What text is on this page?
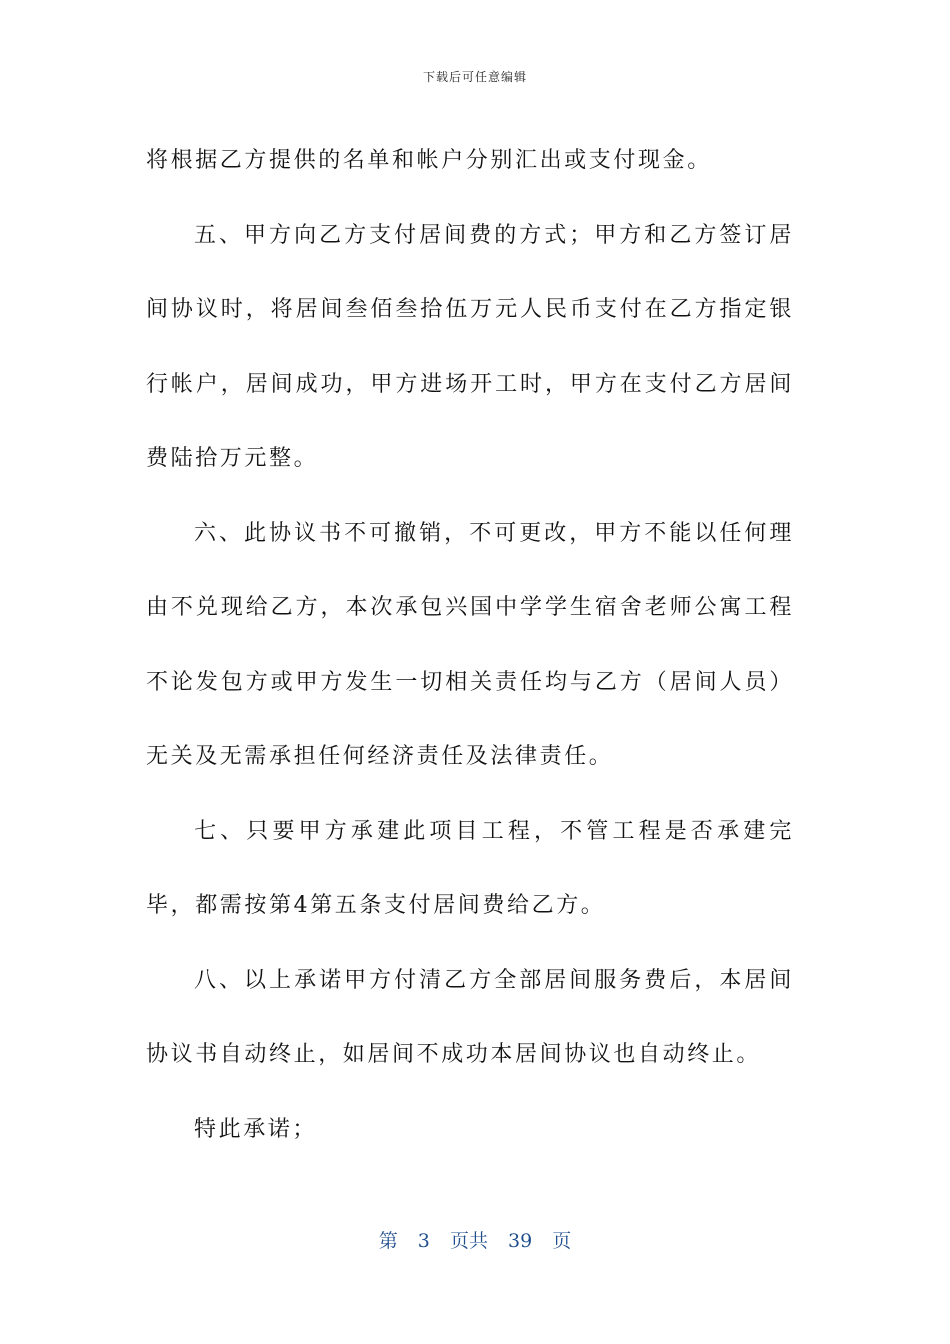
下载后可任意编辑

将根据乙方提供的名单和帐户分别汇出或支付现金。

五、甲方向乙方支付居间费的方式；甲方和乙方签订居间协议时，将居间叁佰叁拾伍万元人民币支付在乙方指定银行帐户，居间成功，甲方进场开工时，甲方在支付乙方居间费陆拾万元整。

六、此协议书不可撤销，不可更改，甲方不能以任何理由不兑现给乙方，本次承包兴国中学学生宿舍老师公寓工程不论发包方或甲方发生一切相关责任均与乙方（居间人员）无关及无需承担任何经济责任及法律责任。

七、只要甲方承建此项目工程，不管工程是否承建完毕，都需按第4第五条支付居间费给乙方。

八、以上承诺甲方付清乙方全部居间服务费后，本居间协议书自动终止，如居间不成功本居间协议也自动终止。

特此承诺；

第 3 页共 39 页
